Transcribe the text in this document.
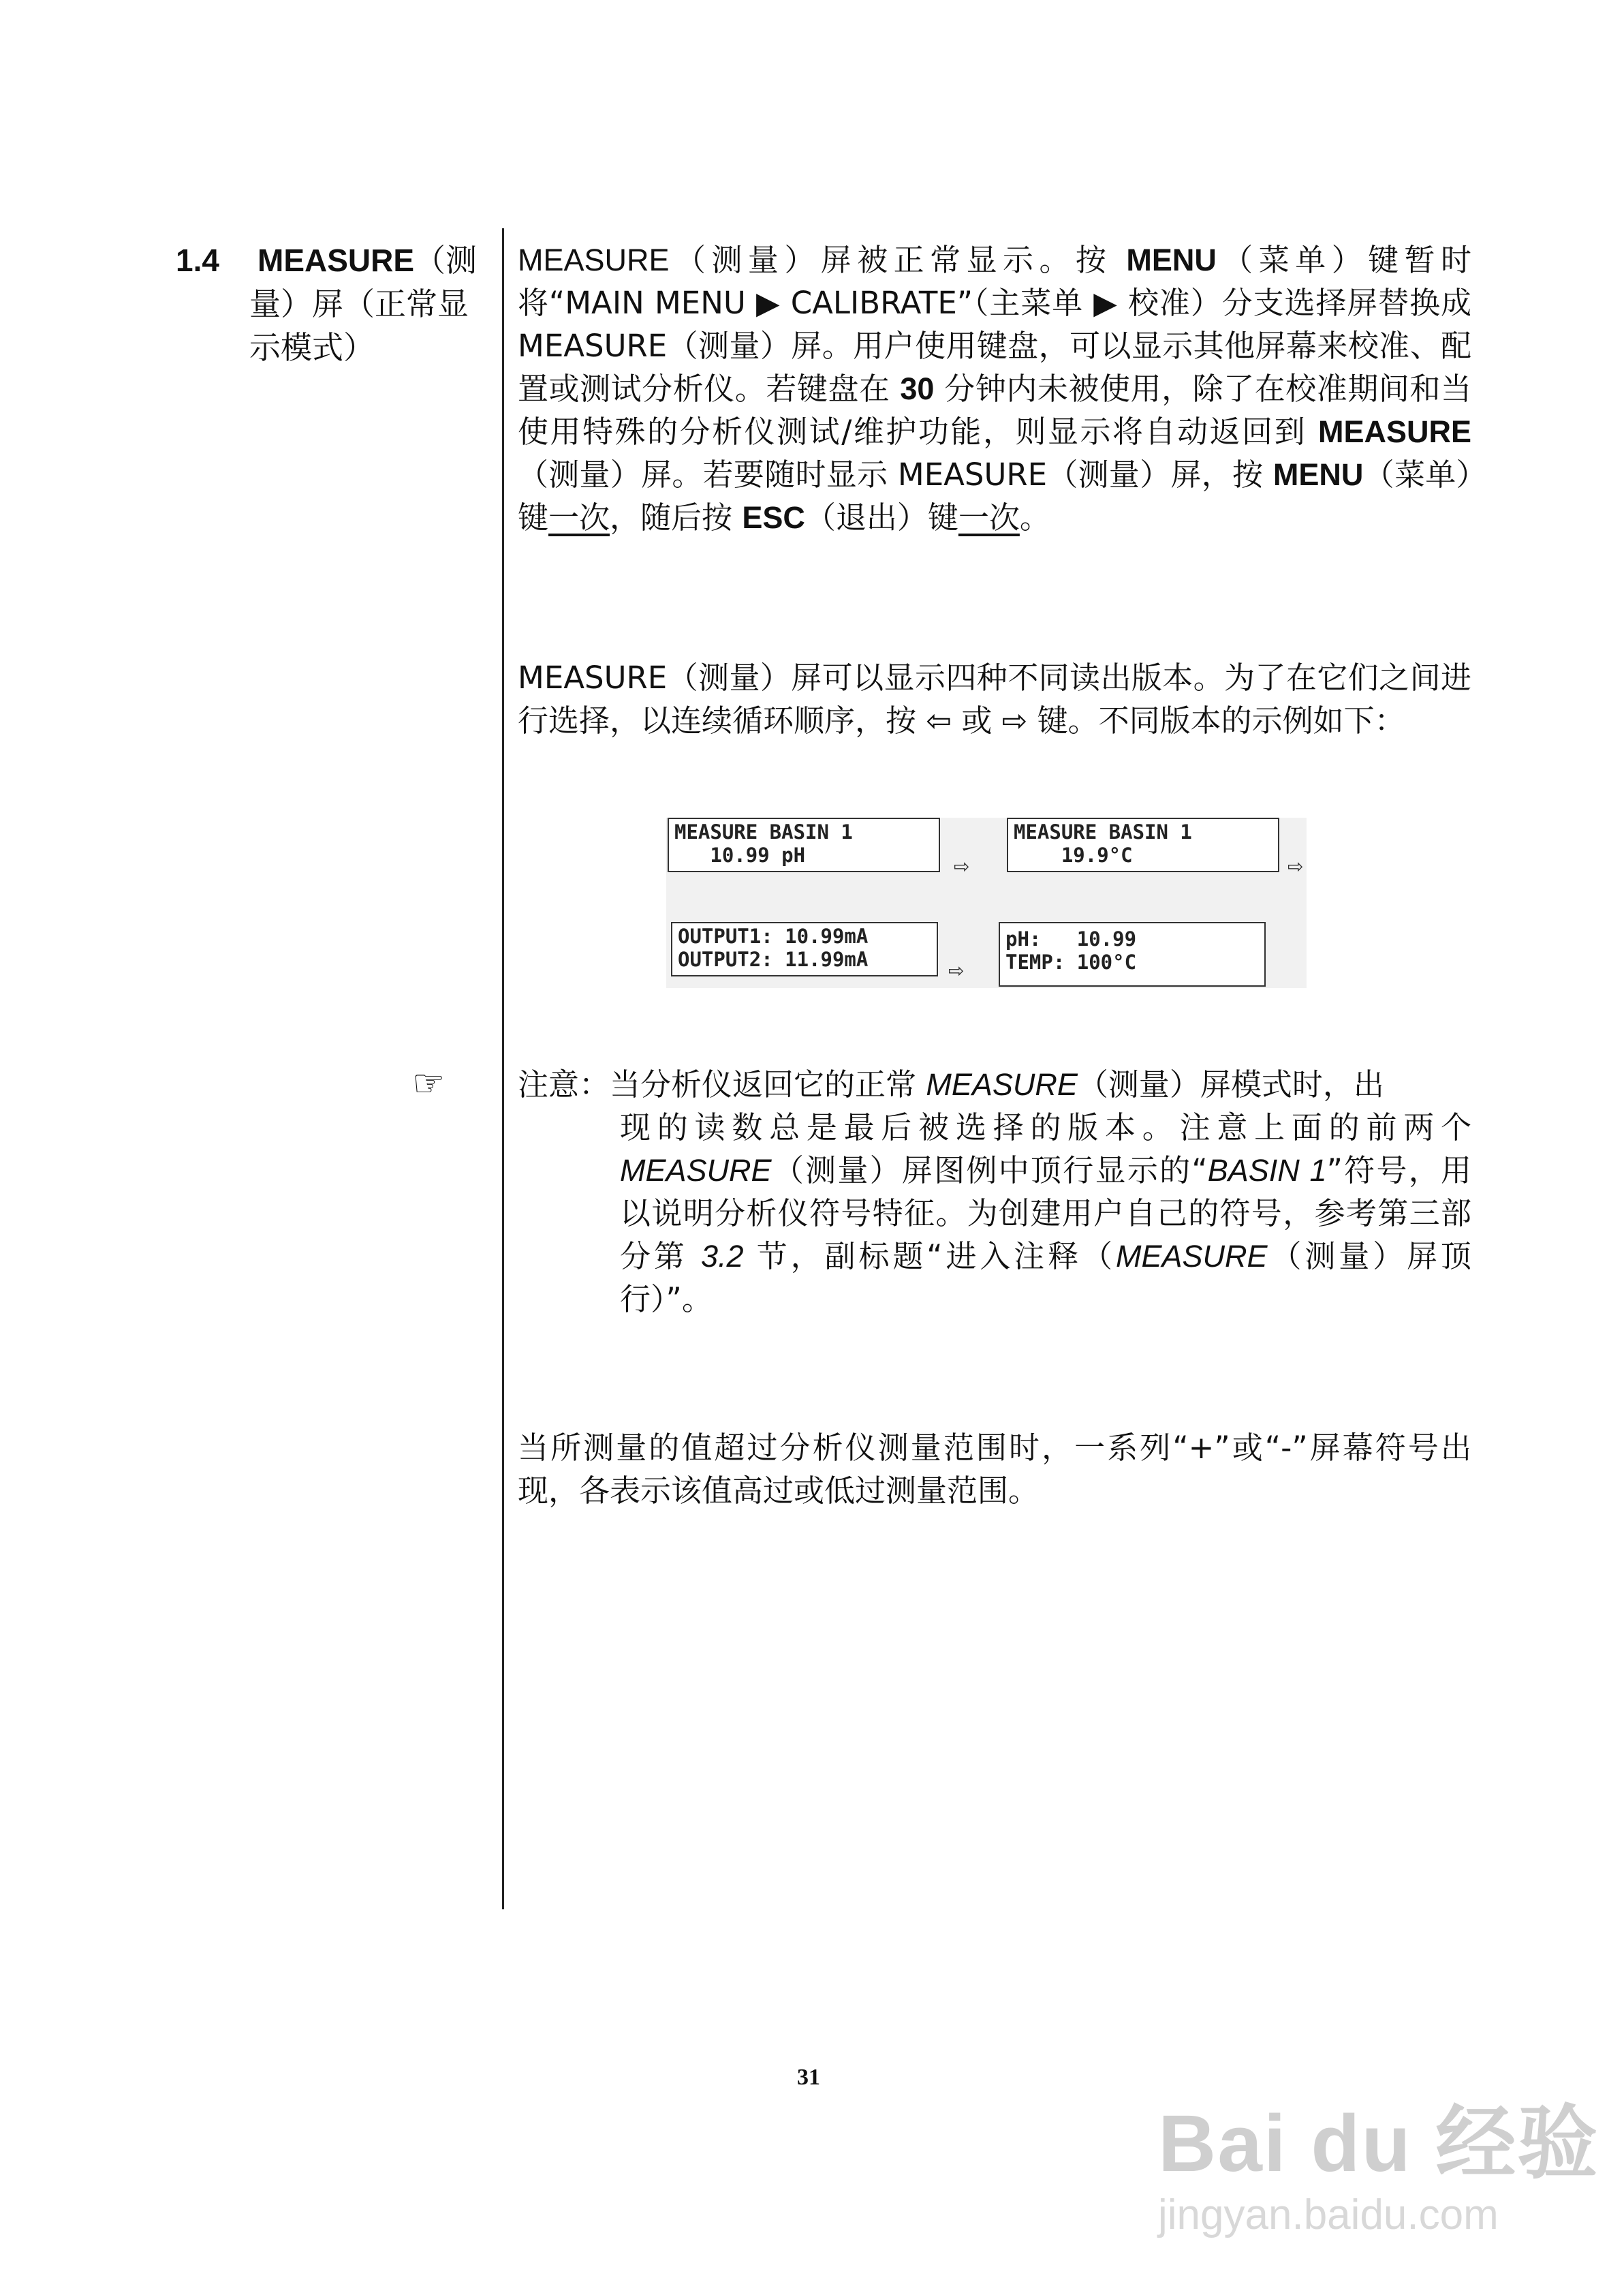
1.4 MEASURE（测
量）屏（正常显
示模式）
MEASURE（测量）屏被正常显示。按 MENU（菜单）键暂时将“MAIN MENU ▶ CALIBRATE”（主菜单 ▶ 校准）分支选择屏替换成 MEASURE（测量）屏。用户使用键盘，可以显示其他屏幕来校准、配置或测试分析仪。若键盘在 30 分钟内未被使用，除了在校准期间和当使用特殊的分析仪测试/维护功能，则显示将自动返回到 MEASURE（测量）屏。若要随时显示 MEASURE（测量）屏，按 MENU（菜单）键一次，随后按 ESC（退出）键一次。
MEASURE（测量）屏可以显示四种不同读出版本。为了在它们之间进行选择，以连续循环顺序，按 ⇦ 或 ⇨ 键。不同版本的示例如下：
MEASURE BASIN 1
10.99 pH	⇨
MEASURE BASIN 1
19.9°C	⇨
OUTPUT1: 10.99mA
OUTPUT2: 11.99mA	⇨
pH:   10.99
TEMP: 100°C
☞ 注意：当分析仪返回它的正常 MEASURE（测量）屏模式时，出
现的读数总是最后被选择的版本。注意上面的前两个MEASURE（测量）屏图例中顶行显示的“BASIN 1”符号，用以说明分析仪符号特征。为创建用户自己的符号，参考第三部分第 3.2 节，副标题“进入注释（MEASURE（测量）屏顶行）”。
当所测量的值超过分析仪测量范围时，一系列“+”或“-”屏幕符号出现，各表示该值高过或低过测量范围。
31
Bai du 经验
jingyan.baidu.com
